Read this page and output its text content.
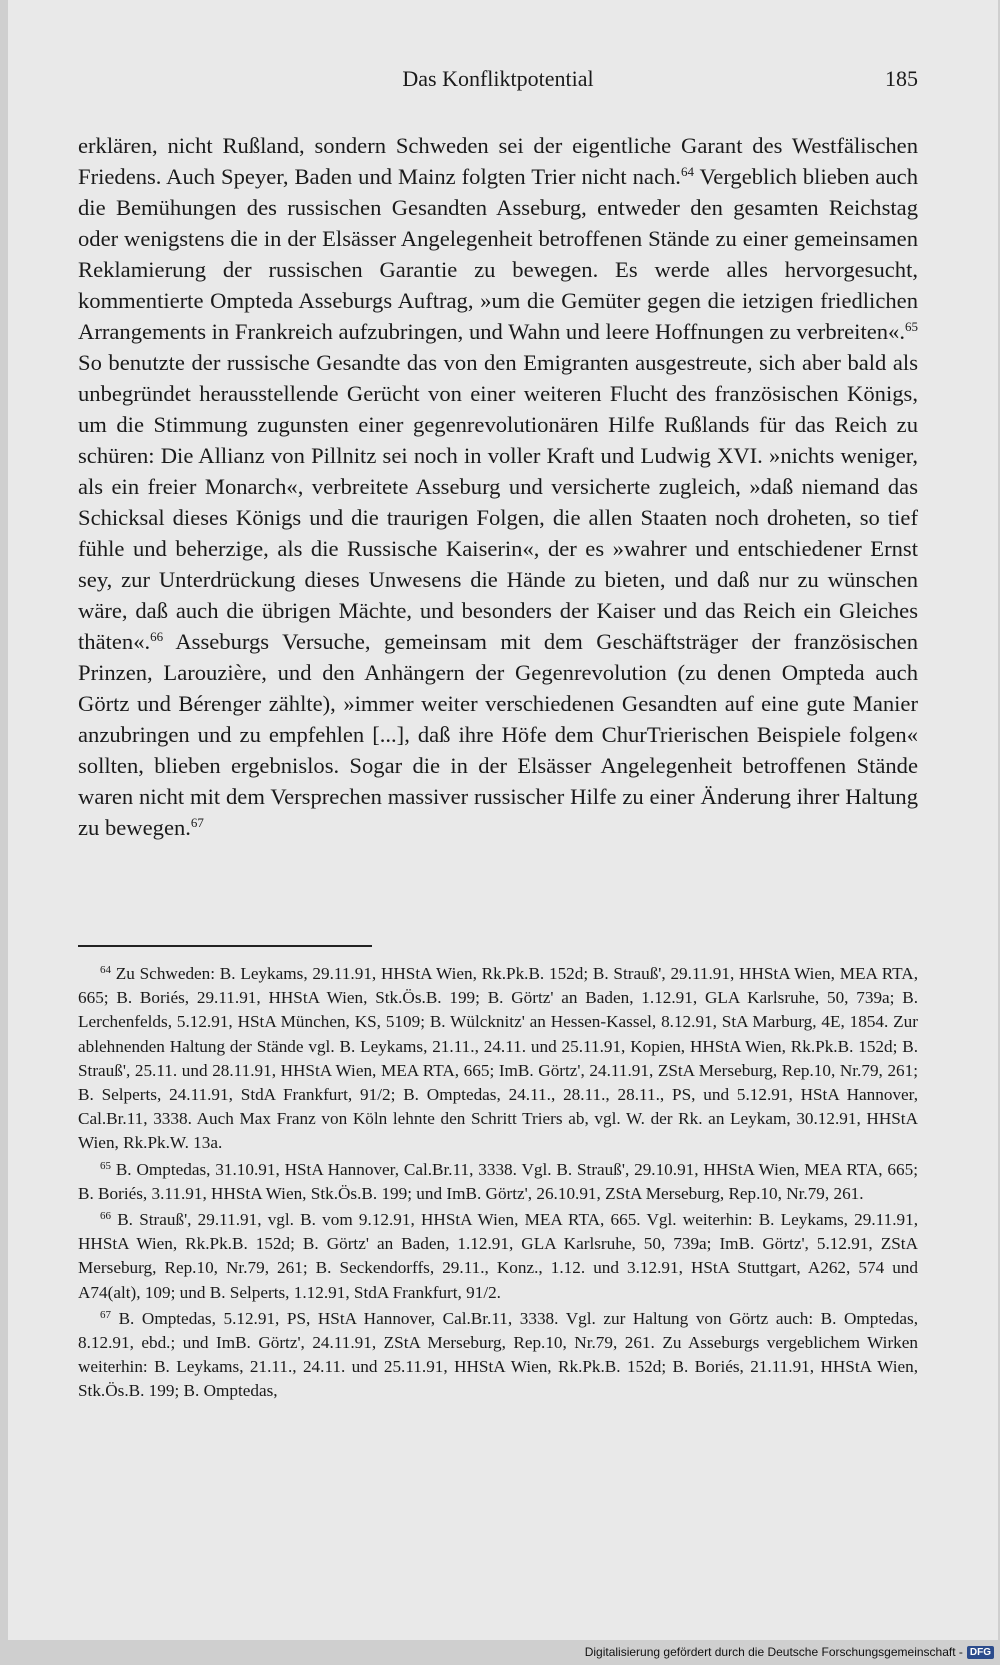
Das Konfliktpotential	185
erklären, nicht Rußland, sondern Schweden sei der eigentliche Garant des Westfälischen Friedens. Auch Speyer, Baden und Mainz folgten Trier nicht nach.$^{64}$ Vergeblich blieben auch die Bemühungen des russischen Gesandten Asseburg, entweder den gesamten Reichstag oder wenigstens die in der Elsässer Angelegenheit betroffenen Stände zu einer gemeinsamen Reklamierung der russischen Garantie zu bewegen. Es werde alles hervorgesucht, kommentierte Ompteda Asseburgs Auftrag, »um die Gemüter gegen die ietzigen friedlichen Arrangements in Frankreich aufzubringen, und Wahn und leere Hoffnungen zu verbreiten«.$^{65}$ So benutzte der russische Gesandte das von den Emigranten ausgestreute, sich aber bald als unbegründet herausstellende Gerücht von einer weiteren Flucht des französischen Königs, um die Stimmung zugunsten einer gegenrevolutionären Hilfe Rußlands für das Reich zu schüren: Die Allianz von Pillnitz sei noch in voller Kraft und Ludwig XVI. »nichts weniger, als ein freier Monarch«, verbreitete Asseburg und versicherte zugleich, »daß niemand das Schicksal dieses Königs und die traurigen Folgen, die allen Staaten noch droheten, so tief fühle und beherzige, als die Russische Kaiserin«, der es »wahrer und entschiedener Ernst sey, zur Unterdrückung dieses Unwesens die Hände zu bieten, und daß nur zu wünschen wäre, daß auch die übrigen Mächte, und besonders der Kaiser und das Reich ein Gleiches thäten«.$^{66}$ Asseburgs Versuche, gemeinsam mit dem Geschäftsträger der französischen Prinzen, Larouzière, und den Anhängern der Gegenrevolution (zu denen Ompteda auch Görtz und Bérenger zählte), »immer weiter verschiedenen Gesandten auf eine gute Manier anzubringen und zu empfehlen [...], daß ihre Höfe dem ChurTrierischen Beispiele folgen« sollten, blieben ergebnislos. Sogar die in der Elsässer Angelegenheit betroffenen Stände waren nicht mit dem Versprechen massiver russischer Hilfe zu einer Änderung ihrer Haltung zu bewegen.$^{67}$

$^{64}$ Zu Schweden: B. Leykams, 29.11.91, HHStA Wien, Rk.Pk.B. 152d; B. Strauß', 29.11.91, HHStA Wien, MEA RTA, 665; B. Boriés, 29.11.91, HHStA Wien, Stk.Ös.B. 199; B. Görtz' an Baden, 1.12.91, GLA Karlsruhe, 50, 739a; B. Lerchenfelds, 5.12.91, HStA München, KS, 5109; B. Wülcknitz' an Hessen-Kassel, 8.12.91, StA Marburg, 4E, 1854. Zur ablehnenden Haltung der Stände vgl. B. Leykams, 21.11., 24.11. und 25.11.91, Kopien, HHStA Wien, Rk.Pk.B. 152d; B. Strauß', 25.11. und 28.11.91, HHStA Wien, MEA RTA, 665; ImB. Görtz', 24.11.91, ZStA Merseburg, Rep.10, Nr.79, 261; B. Selperts, 24.11.91, StdA Frankfurt, 91/2; B. Omptedas, 24.11., 28.11., 28.11., PS, und 5.12.91, HStA Hannover, Cal.Br.11, 3338. Auch Max Franz von Köln lehnte den Schritt Triers ab, vgl. W. der Rk. an Leykam, 30.12.91, HHStA Wien, Rk.Pk.W. 13a.

$^{65}$ B. Omptedas, 31.10.91, HStA Hannover, Cal.Br.11, 3338. Vgl. B. Strauß', 29.10.91, HHStA Wien, MEA RTA, 665; B. Boriés, 3.11.91, HHStA Wien, Stk.Ös.B. 199; und ImB. Görtz', 26.10.91, ZStA Merseburg, Rep.10, Nr.79, 261.

$^{66}$ B. Strauß', 29.11.91, vgl. B. vom 9.12.91, HHStA Wien, MEA RTA, 665. Vgl. weiterhin: B. Leykams, 29.11.91, HHStA Wien, Rk.Pk.B. 152d; B. Görtz' an Baden, 1.12.91, GLA Karlsruhe, 50, 739a; ImB. Görtz', 5.12.91, ZStA Merseburg, Rep.10, Nr.79, 261; B. Seckendorffs, 29.11., Konz., 1.12. und 3.12.91, HStA Stuttgart, A262, 574 und A74(alt), 109; und B. Selperts, 1.12.91, StdA Frankfurt, 91/2.

$^{67}$ B. Omptedas, 5.12.91, PS, HStA Hannover, Cal.Br.11, 3338. Vgl. zur Haltung von Görtz auch: B. Omptedas, 8.12.91, ebd.; und ImB. Görtz', 24.11.91, ZStA Merseburg, Rep.10, Nr.79, 261. Zu Asseburgs vergeblichem Wirken weiterhin: B. Leykams, 21.11., 24.11. und 25.11.91, HHStA Wien, Rk.Pk.B. 152d; B. Boriés, 21.11.91, HHStA Wien, Stk.Ös.B. 199; B. Omptedas,

Digitalisierung gefördert durch die Deutsche Forschungsgemeinschaft - DFG
